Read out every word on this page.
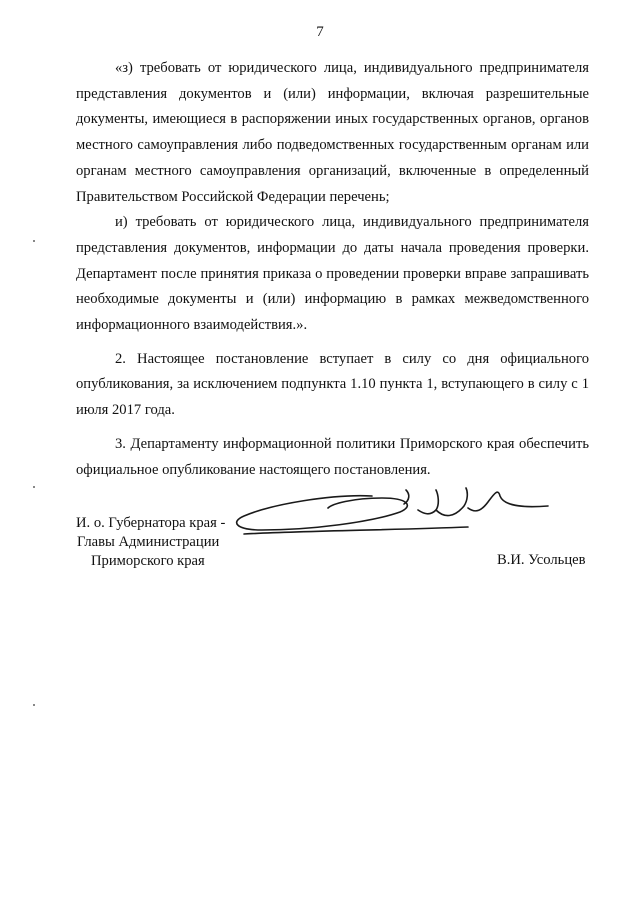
7

«з) требовать от юридического лица, индивидуального предпринимателя представления документов и (или) информации, включая разрешительные документы, имеющиеся в распоряжении иных государственных органов, органов местного самоуправления либо подведомственных государственным органам или органам местного самоуправления организаций, включенные в определенный Правительством Российской Федерации перечень;

и) требовать от юридического лица, индивидуального предпринимателя представления документов, информации до даты начала проведения проверки. Департамент после принятия приказа о проведении проверки вправе запрашивать необходимые документы и (или) информацию в рамках межведомственного информационного взаимодействия.».

2. Настоящее постановление вступает в силу со дня официального опубликования, за исключением подпункта 1.10 пункта 1, вступающего в силу с 1 июля 2017 года.

3. Департаменту информационной политики Приморского края обеспечить официальное опубликование настоящего постановления.

И. о. Губернатора края -
Главы Администрации
Приморского края	В.И. Усольцев
